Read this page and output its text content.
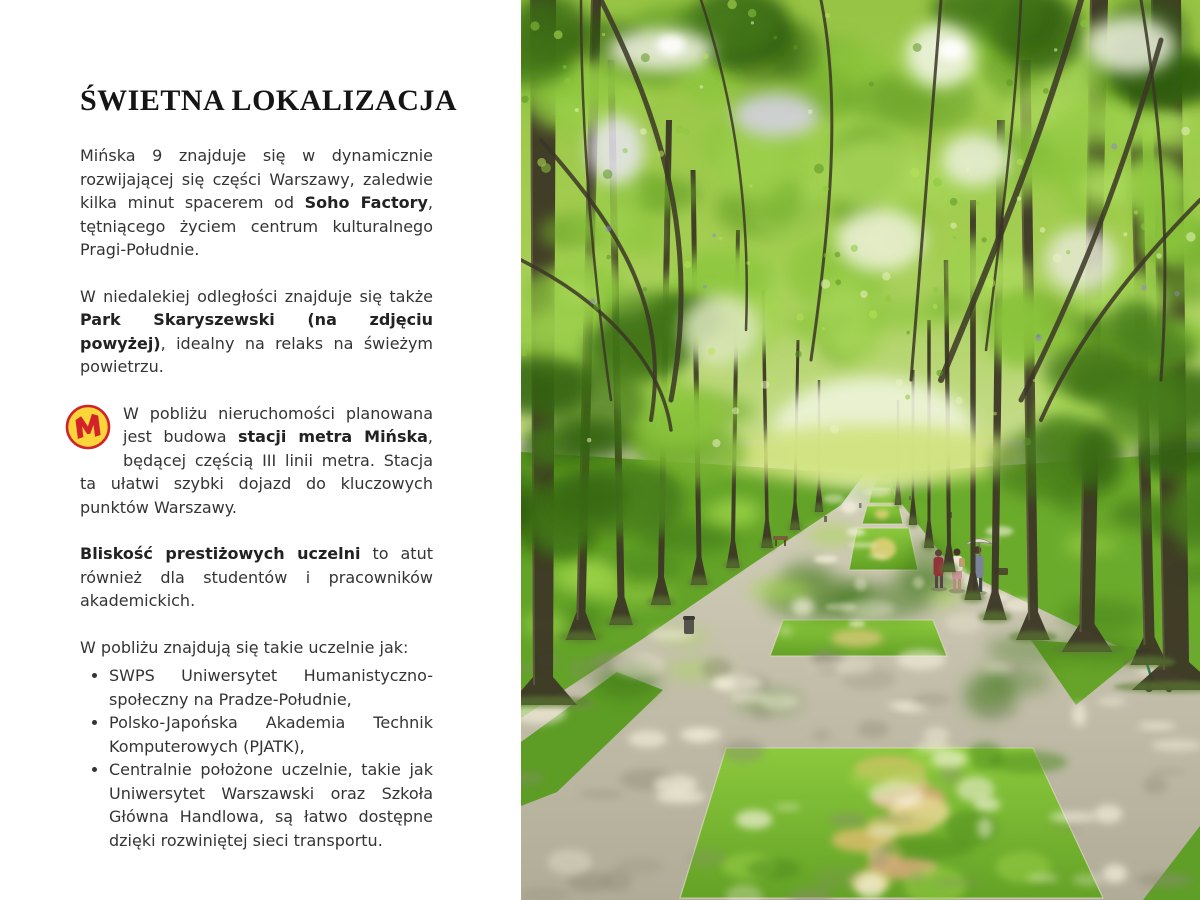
ŚWIETNA LOKALIZACJA

Mińska 9 znajduje się w dynamicznie rozwijającej się części Warszawy, zaledwie kilka minut spacerem od Soho Factory, tętniącego życiem centrum kulturalnego Pragi-Południe.

W niedalekiej odległości znajduje się także Park Skaryszewski (na zdjęciu powyżej), idealny na relaks na świeżym powietrzu.

W pobliżu nieruchomości planowana jest budowa stacji metra Mińska, będącej częścią III linii metra. Stacja ta ułatwi szybki dojazd do kluczowych punktów Warszawy.

Bliskość prestiżowych uczelni to atut również dla studentów i pracowników akademickich.

W pobliżu znajdują się takie uczelnie jak:

• SWPS Uniwersytet Humanistyczno-społeczny na Pradze-Południe,
• Polsko-Japońska Akademia Technik Komputerowych (PJATK),
• Centralnie położone uczelnie, takie jak Uniwersytet Warszawski oraz Szkoła Główna Handlowa, są łatwo dostępne dzięki rozwiniętej sieci transportu.
